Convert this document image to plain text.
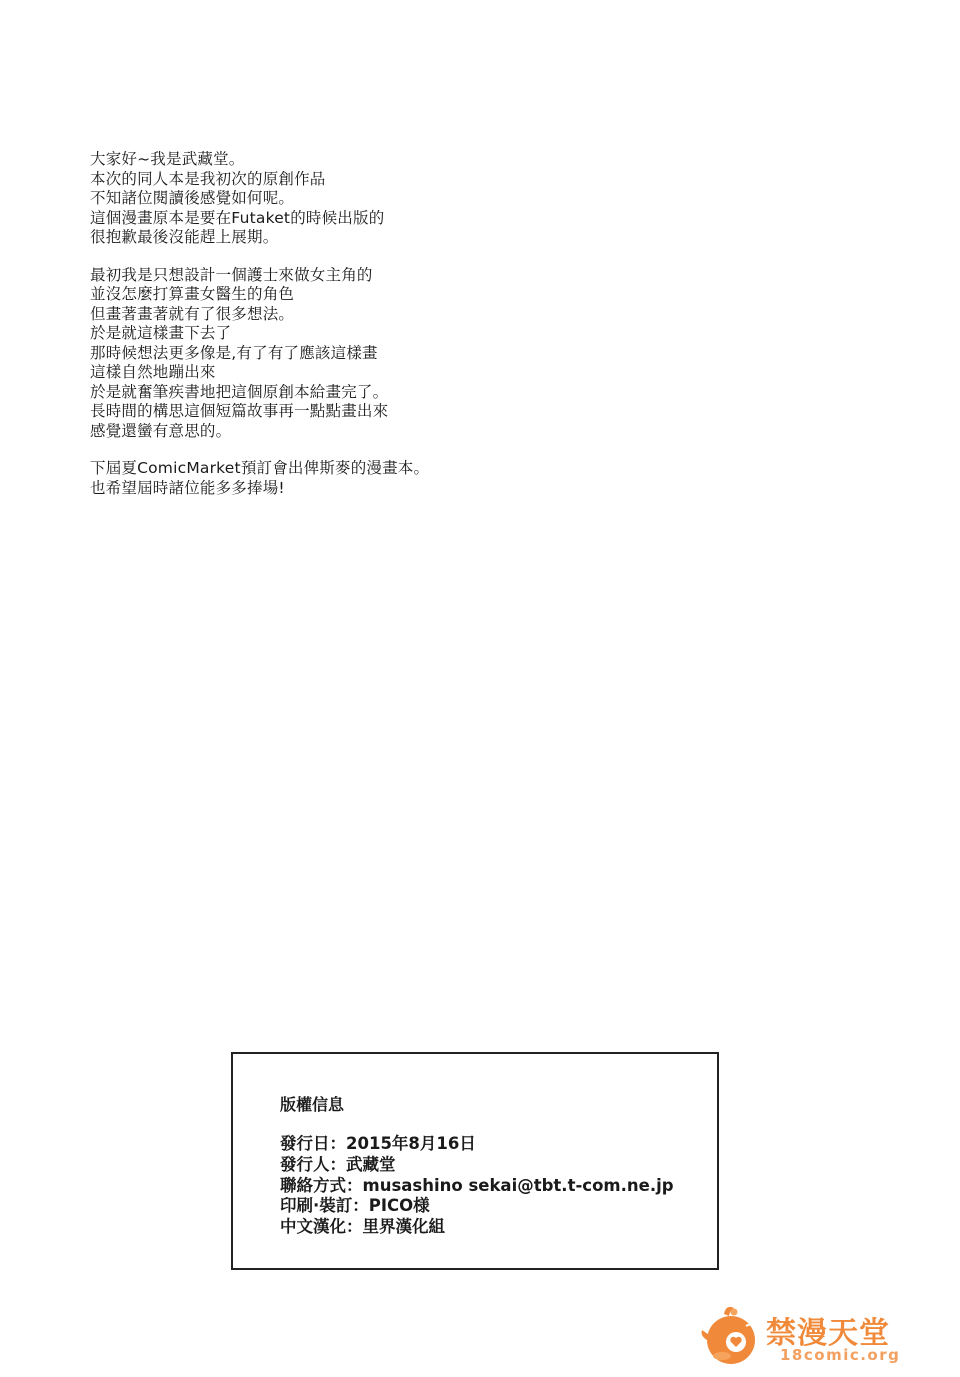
大家好~我是武藏堂。
本次的同人本是我初次的原創作品
不知諸位閱讀後感覺如何呢。
這個漫畫原本是要在Futaket的時候出版的
很抱歉最後沒能趕上展期。
最初我是只想設計一個護士來做女主角的
並沒怎麼打算畫女醫生的角色
但畫著畫著就有了很多想法。
於是就這樣畫下去了
那時候想法更多像是,有了有了應該這樣畫
這樣自然地蹦出來
於是就奮筆疾書地把這個原創本給畫完了。
長時間的構思這個短篇故事再一點點畫出來
感覺還蠻有意思的。
下屆夏ComicMarket預訂會出俾斯麥的漫畫本。
也希望屆時諸位能多多捧場!
版權信息
發行日：2015年8月16日
發行人：武藏堂
聯絡方式：musashino sekai@tbt.t-com.ne.jp
印刷·裝訂：PICO様
中文漢化：里界漢化組
禁漫天堂
18comic.org
